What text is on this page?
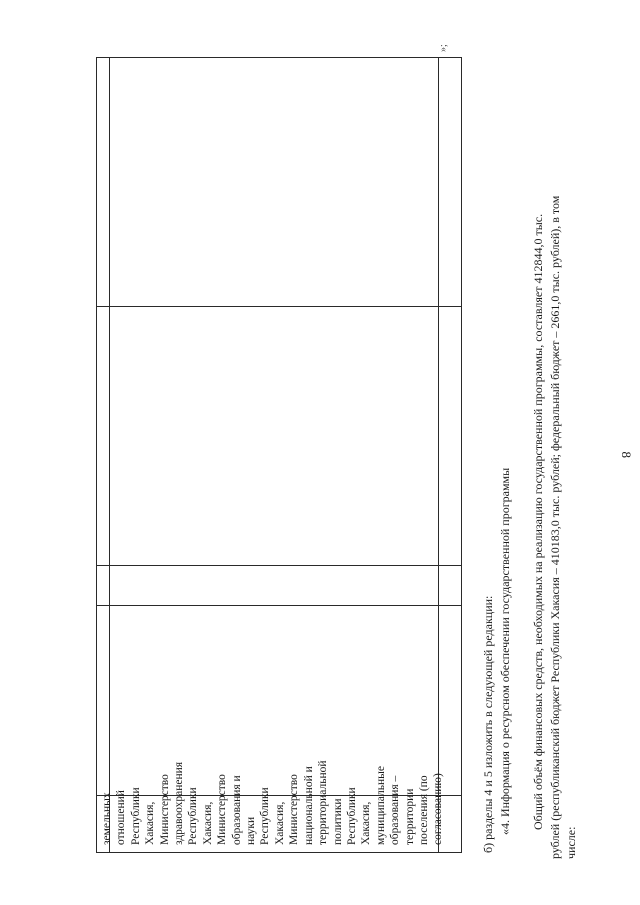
8
земельных отношений Республики Хакасия, Министерство здравоохранения Республики Хакасия, Министерство образования и науки Республики Хакасия, Министерство национальной и территориальной политики Республики Хакасия, муниципальные образования – территории поселения (по согласованию)
»;
б) разделы 4 и 5 изложить в следующей редакции: «4. Информация о ресурсном обеспечении государственной программы Общий объём финансовых средств, необходимых на реализацию государственной программы, составляет 412844,0 тыс. рублей (республиканский бюджет Республики Хакасия – 410183,0 тыс. рублей; федеральный бюджет – 2661,0 тыс. рублей), в том числе:
